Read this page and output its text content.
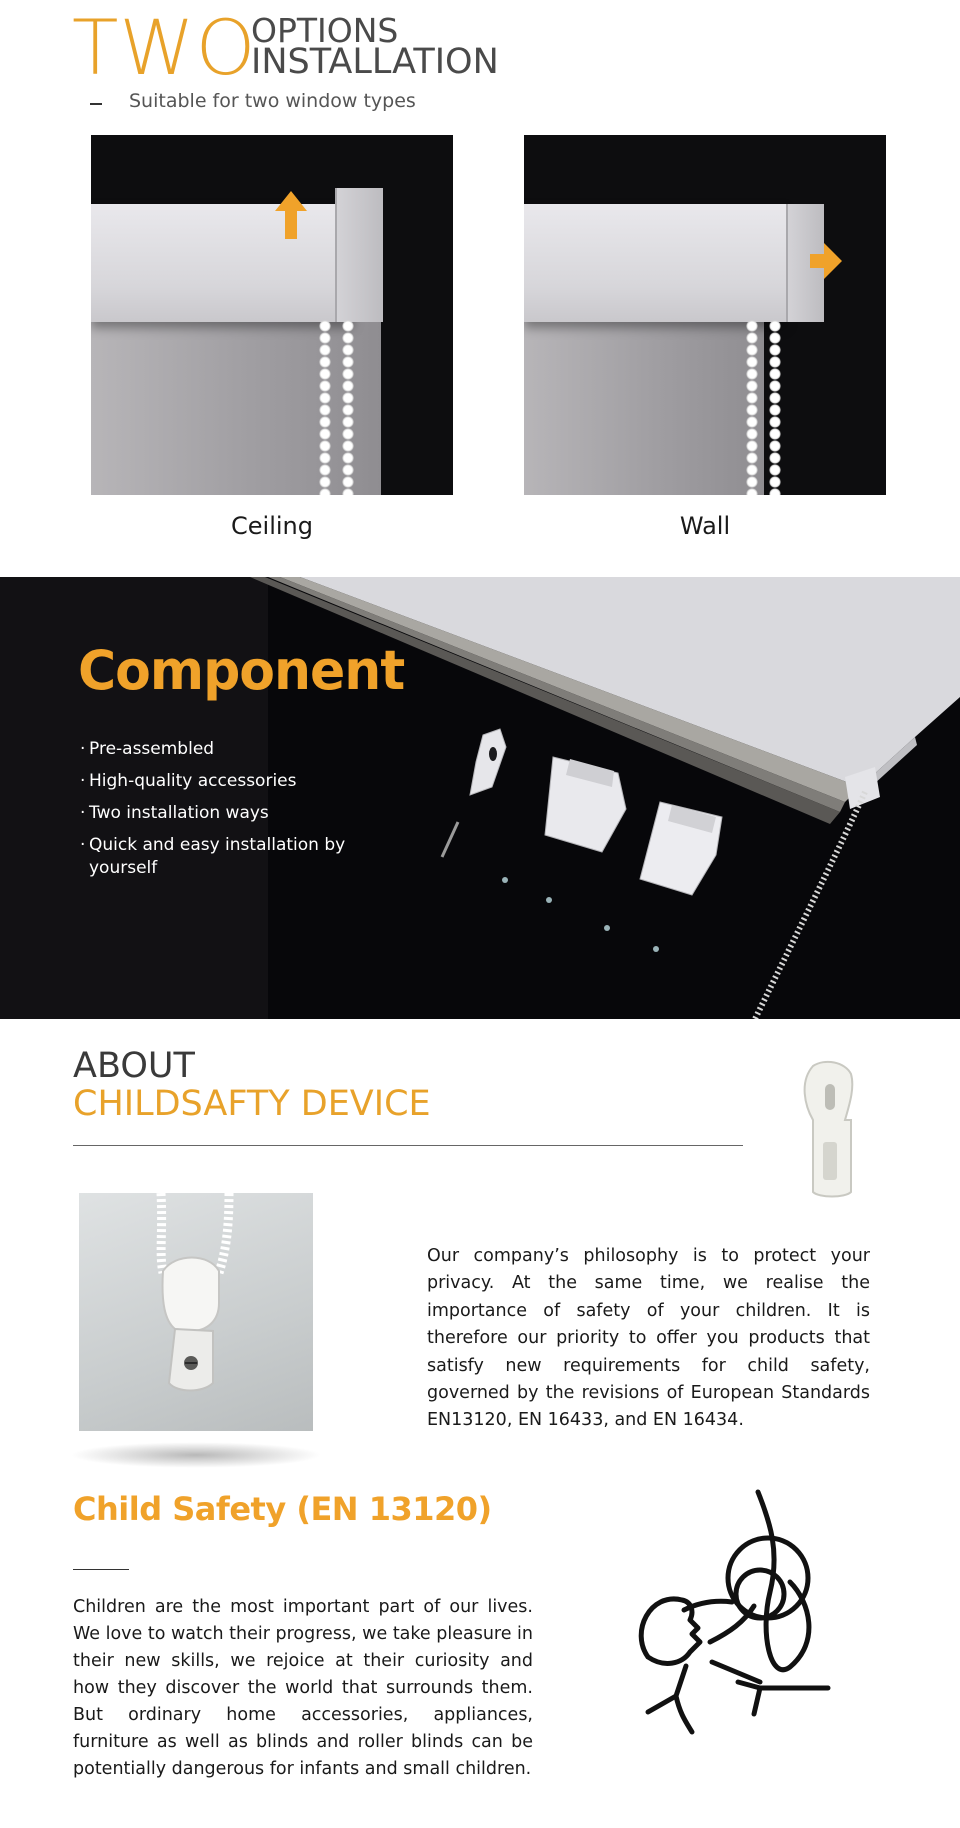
TWO
OPTIONS
INSTALLATION
Suitable for two window types
Ceiling	Wall
Component
· Pre-assembled
· High-quality accessories
· Two installation ways
· Quick and easy installation by yourself
ABOUT
CHILDSAFTY DEVICE

Our company’s philosophy is to protect your privacy. At the same time, we realise the importance of safety of your children. It is therefore our priority to offer you products that satisfy new requirements for child safety, governed by the revisions of European Standards EN13120, EN 16433, and EN 16434.

Child Safety (EN 13120)

Children are the most important part of our lives. We love to watch their progress, we take pleasure in their new skills, we rejoice at their curiosity and how they discover the world that surrounds them. But ordinary home accessories, appliances, furniture as well as blinds and roller blinds can be potentially dangerous for infants and small children.
